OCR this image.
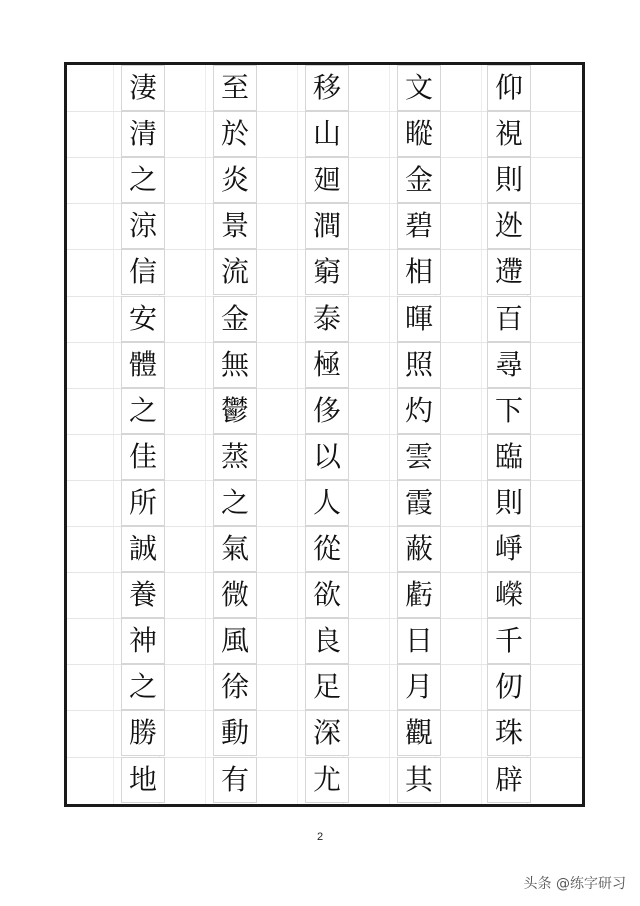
仰
視
則
迯
遰
百
尋
下
臨
則
崢
嶸
千
仞
珠
辟
文
瞛
金
碧
相
暉
照
灼
雲
霞
蔽
虧
日
月
觀
其
移
山
廻
澗
窮
泰
極
侈
以
人
從
欲
良
足
深
尤
至
於
炎
景
流
金
無
鬱
蒸
之
氣
微
風
徐
動
有
淒
清
之
涼
信
安
體
之
佳
所
誠
養
神
之
勝
地
2
头条 @练字研习
